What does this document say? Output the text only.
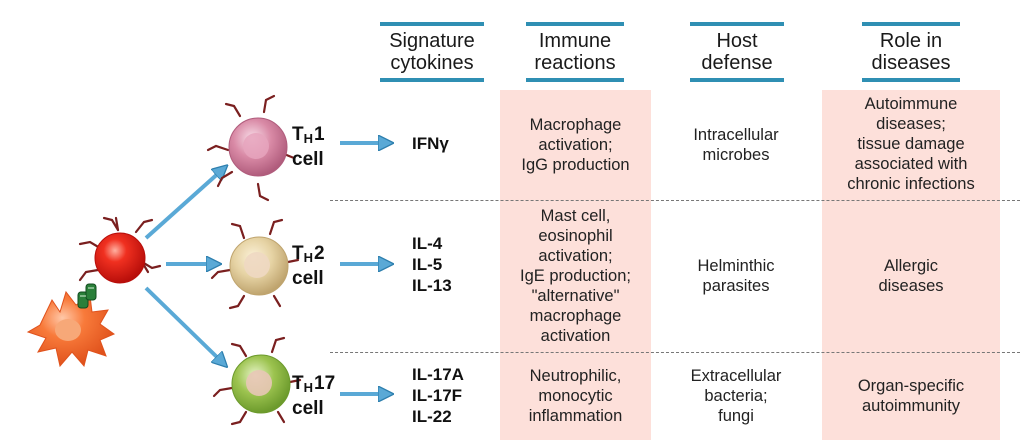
Signature
cytokines
Immune
reactions
Host
defense
Role in
diseases
$T_H1$
cell
$T_H2$
cell
$T_H17$
cell
IFNγ
IL-4
IL-5
IL-13
IL-17A
IL-17F
IL-22
Macrophage
activation;
IgG production
Intracellular
microbes
Autoimmune
diseases;
tissue damage
associated with
chronic infections
Mast cell,
eosinophil
activation;
IgE production;
"alternative"
macrophage
activation
Helminthic
parasites
Allergic
diseases
Neutrophilic,
monocytic
inflammation
Extracellular
bacteria;
fungi
Organ-specific
autoimmunity
